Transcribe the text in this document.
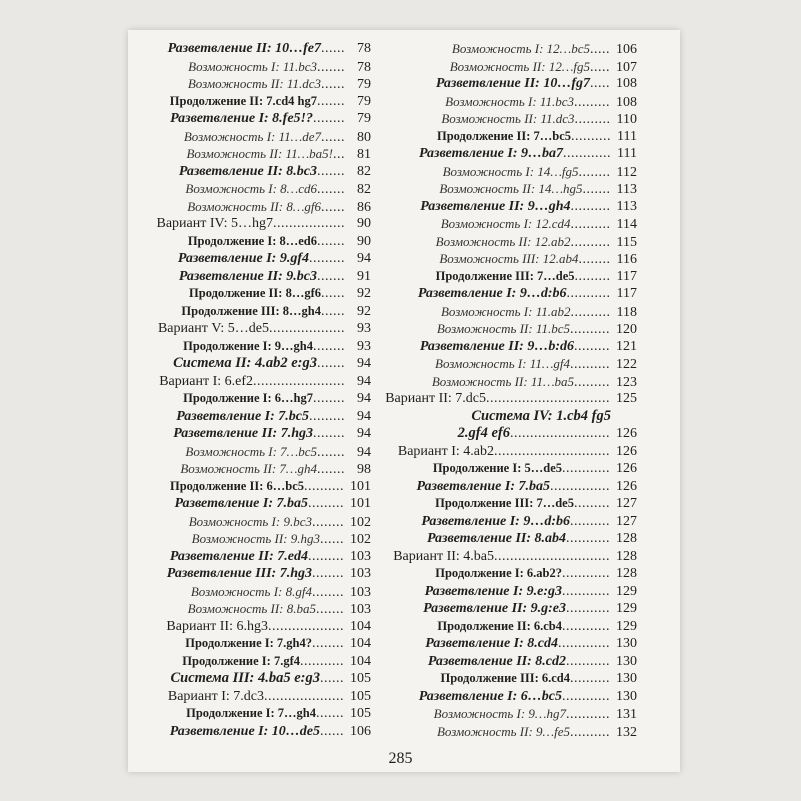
Разветвление II: 10…fe7 ...... 78
Возможность I: 11.bc3 ....... 78
Возможность II: 11.dc3 ...... 79
Продолжение II: 7.cd4 hg7 ....... 79
Разветвление I: 8.fe5!? ........ 79
Возможность I: 11…de7 ...... 80
Возможность II: 11…ba5! ... 81
Разветвление II: 8.bc3 ....... 82
Возможность I: 8…cd6 ....... 82
Возможность II: 8…gf6 ...... 86
Вариант IV: 5…hg7 .................. 90
Продолжение I: 8…ed6 ....... 90
Разветвление I: 9.gf4 ......... 94
Разветвление II: 9.bc3 ....... 91
Продолжение II: 8…gf6 ...... 92
Продолжение III: 8…gh4 ...... 92
Вариант V: 5…de5 ................... 93
Продолжение I: 9…gh4 ........ 93
Система II: 4.ab2 e:g3 ....... 94
Вариант I: 6.ef2 ....................... 94
Продолжение I: 6…hg7 ........ 94
Разветвление I: 7.bc5 ......... 94
Разветвление II: 7.hg3 ........ 94
Возможность I: 7…bc5 ....... 94
Возможность II: 7…gh4 ....... 98
Продолжение II: 6…bc5 .......... 101
Разветвление I: 7.ba5 ......... 101
Возможность I: 9.bc3 ........ 102
Возможность II: 9.hg3 ...... 102
Разветвление II: 7.ed4 ......... 103
Разветвление III: 7.hg3 ........ 103
Возможность I: 8.gf4 ........ 103
Возможность II: 8.ba5 ....... 103
Вариант II: 6.hg3 ................... 104
Продолжение I: 7.gh4? ........ 104
Продолжение I: 7.gf4 ........... 104
Система III: 4.ba5 e:g3 ...... 105
Вариант I: 7.dc3 .................... 105
Продолжение I: 7…gh4 ....... 105
Разветвление I: 10…de5 ...... 106
Возможность I: 12…bc5 ..... 106
Возможность II: 12…fg5 ..... 107
Разветвление II: 10…fg7 ..... 108
Возможность I: 11.bc3 ......... 108
Возможность II: 11.dc3 ......... 110
Продолжение II: 7…bc5 .......... 111
Разветвление I: 9…ba7 ............ 111
Возможность I: 14…fg5 ........ 112
Возможность II: 14…hg5 ....... 113
Разветвление II: 9…gh4 .......... 113
Возможность I: 12.cd4 .......... 114
Возможность II: 12.ab2 .......... 115
Возможность III: 12.ab4 ........ 116
Продолжение III: 7…de5 ......... 117
Разветвление I: 9…d:b6 ........... 117
Возможность I: 11.ab2 .......... 118
Возможность II: 11.bc5 .......... 120
Разветвление II: 9…b:d6 ......... 121
Возможность I: 11…gf4 .......... 122
Возможность II: 11…ba5 ......... 123
Вариант II: 7.dc5 ............................... 125
Система IV: 1.cb4 fg5
2.gf4 ef6 ......................... 126
Вариант I: 4.ab2 ............................. 126
Продолжение I: 5…de5 ............ 126
Разветвление I: 7.ba5 ............... 126
Продолжение III: 7…de5 ......... 127
Разветвление I: 9…d:b6 .......... 127
Разветвление II: 8.ab4 ........... 128
Вариант II: 4.ba5 ............................. 128
Продолжение I: 6.ab2? ............ 128
Разветвление I: 9.e:g3 ............ 129
Разветвление II: 9.g:e3 ........... 129
Продолжение II: 6.cb4 ............ 129
Разветвление I: 8.cd4 ............. 130
Разветвление II: 8.cd2 ........... 130
Продолжение III: 6.cd4 .......... 130
Разветвление I: 6…bc5 ............ 130
Возможность I: 9…hg7 ........... 131
Возможность II: 9…fe5 .......... 132
285
